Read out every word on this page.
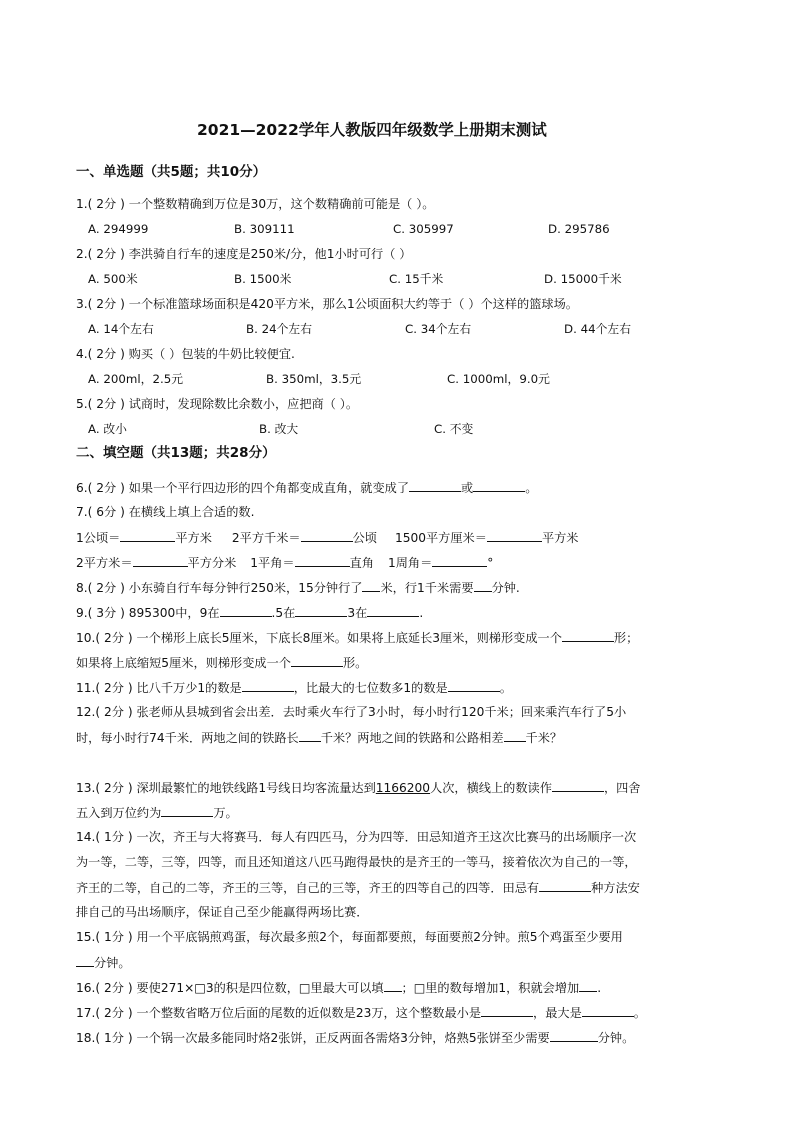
2021—2022学年人教版四年级数学上册期末测试
一、单选题（共5题；共10分）
1.( 2分 ) 一个整数精确到万位是30万，这个数精确前可能是（ ）。
A. 294999	B. 309111	C. 305997	D. 295786
2.( 2分 ) 李洪骑自行车的速度是250米/分，他1小时可行（ ）
A. 500米	B. 1500米	C. 15千米	D. 15000千米
3.( 2分 ) 一个标准篮球场面积是420平方米，那么1公顷面积大约等于（ ）个这样的篮球场。
A. 14个左右	B. 24个左右	C. 34个左右	D. 44个左右
4.( 2分 ) 购买（ ）包装的牛奶比较便宜.
A. 200ml，2.5元	B. 350ml，3.5元	C. 1000ml，9.0元
5.( 2分 ) 试商时，发现除数比余数小，应把商（ ）。
A. 改小	B. 改大	C. 不变
二、填空题（共13题；共28分）
6.( 2分 ) 如果一个平行四边形的四个角都变成直角，就变成了	或	。
7.( 6分 ) 在横线上填上合适的数.
1公顷＝	平方米 2平方千米＝	公顷 1500平方厘米＝	平方米
2平方米＝	平方分米 1平角＝	直角 1周角＝	°
8.( 2分 ) 小东骑自行车每分钟行250米，15分钟行了 米，行1千米需要 分钟.
9.( 3分 ) 895300中，9在	.5在	3在	.
10.( 2分 ) 一个梯形上底长5厘米，下底长8厘米。如果将上底延长3厘米，则梯形变成一个	形；
如果将上底缩短5厘米，则梯形变成一个	形。
11.( 2分 ) 比八千万少1的数是	，比最大的七位数多1的数是	。
12.( 2分 ) 张老师从县城到省会出差．去时乘火车行了3小时，每小时行120千米；回来乘汽车行了5小
时，每小时行74千米．两地之间的铁路长 千米？两地之间的铁路和公路相差 千米？
13.( 2分 ) 深圳最繁忙的地铁线路1号线日均客流量达到1166200人次，横线上的数读作	，四舍
五入到万位约为	万。
14.( 1分 ) 一次，齐王与大将赛马．每人有四匹马，分为四等．田忌知道齐王这次比赛马的出场顺序一次
为一等，二等，三等，四等，而且还知道这八匹马跑得最快的是齐王的一等马，接着依次为自己的一等，
齐王的二等，自己的二等，齐王的三等，自己的三等，齐王的四等自己的四等．田忌有	种方法安
排自己的马出场顺序，保证自己至少能赢得两场比赛．
15.( 1分 ) 用一个平底锅煎鸡蛋，每次最多煎2个，每面都要煎，每面要煎2分钟。煎5个鸡蛋至少要用
分钟。
16.( 2分 ) 要使271×□3的积是四位数，□里最大可以填 ；□里的数每增加1，积就会增加 .
17.( 2分 ) 一个整数省略万位后面的尾数的近似数是23万，这个整数最小是	，最大是	。
18.( 1分 ) 一个锅一次最多能同时烙2张饼，正反两面各需烙3分钟，烙熟5张饼至少需要	分钟。
